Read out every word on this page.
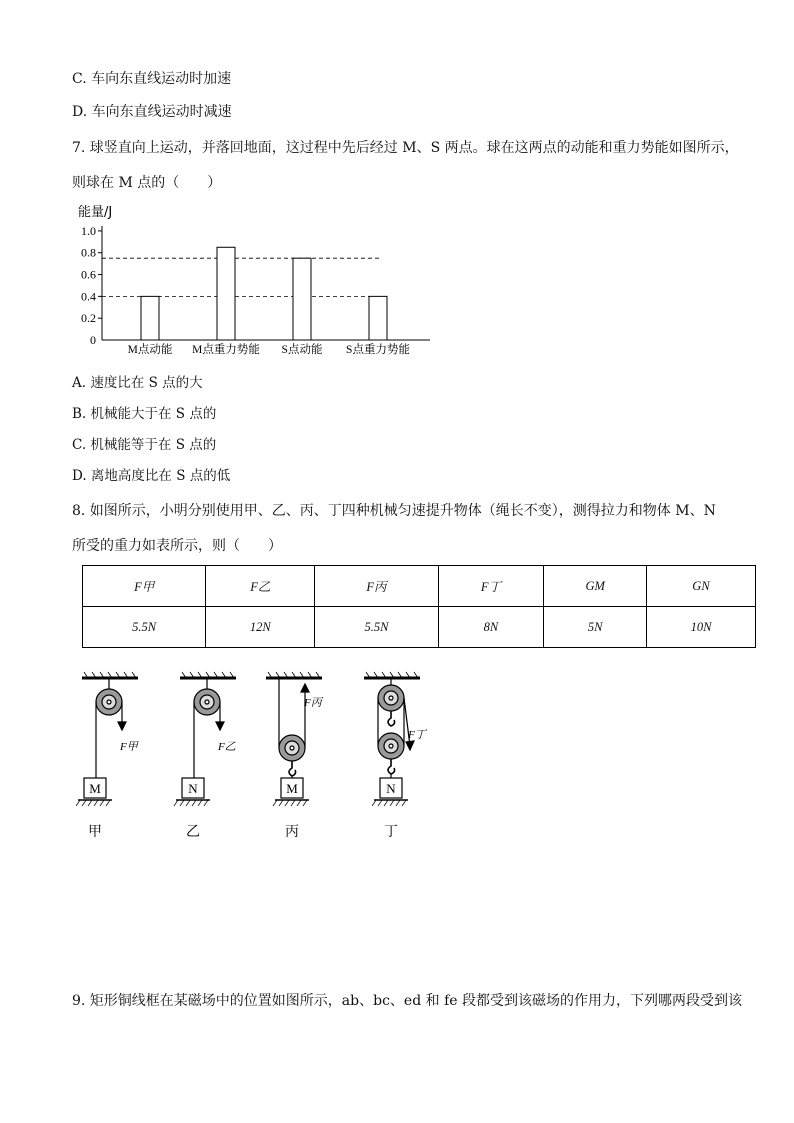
C. 车向东直线运动时加速
D. 车向东直线运动时减速
7. 球竖直向上运动，并落回地面，这过程中先后经过 M、S 两点。球在这两点的动能和重力势能如图所示，
则球在 M 点的（　　）
能量/J
0
0.2
0.4
0.6
0.8
1.0
M点动能 M点重力势能 S点动能 S点重力势能
A. 速度比在 S 点的大
B. 机械能大于在 S 点的
C. 机械能等于在 S 点的
D. 离地高度比在 S 点的低
8. 如图所示，小明分别使用甲、乙、丙、丁四种机械匀速提升物体（绳长不变），测得拉力和物体 M、N
所受的重力如表所示，则（　　）
F甲	F乙	F丙	F丁	GM	GN
5.5N	12N	5.5N	8N	5N	10N
F甲	F乙
F丙
F丁
M	N	M	N
甲	乙	丙	丁
9. 矩形铜线框在某磁场中的位置如图所示，ab、bc、ed 和 fe 段都受到该磁场的作用力，下列哪两段受到该
